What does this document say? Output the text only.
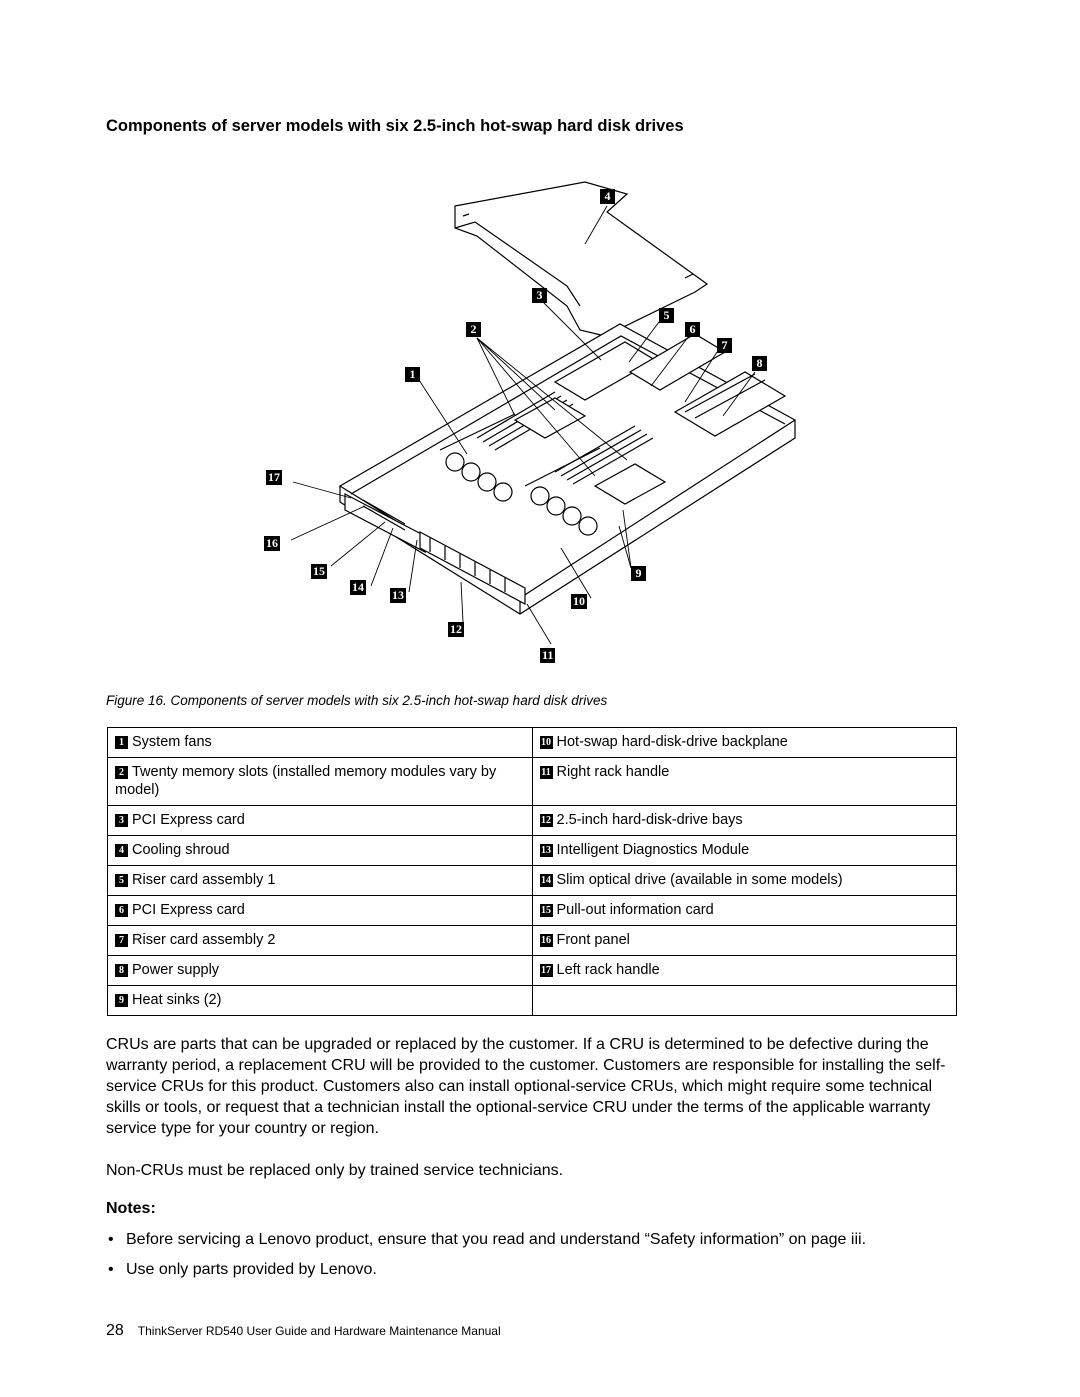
Components of server models with six 2.5-inch hot-swap hard disk drives
4
3
5
6
2
7
8
1
17
16
15	9
14
13	10
12
11
Figure 16. Components of server models with six 2.5-inch hot-swap hard disk drives
1 System fans	10 Hot-swap hard-disk-drive backplane
2 Twenty memory slots (installed memory modules vary by model)	11 Right rack handle
3 PCI Express card	12 2.5-inch hard-disk-drive bays
4 Cooling shroud	13 Intelligent Diagnostics Module
5 Riser card assembly 1	14 Slim optical drive (available in some models)
6 PCI Express card	15 Pull-out information card
7 Riser card assembly 2	16 Front panel
8 Power supply	17 Left rack handle
9 Heat sinks (2)	
CRUs are parts that can be upgraded or replaced by the customer. If a CRU is determined to be defective during the warranty period, a replacement CRU will be provided to the customer. Customers are responsible for installing the self-service CRUs for this product. Customers also can install optional-service CRUs, which might require some technical skills or tools, or request that a technician install the optional-service CRU under the terms of the applicable warranty service type for your country or region.
Non-CRUs must be replaced only by trained service technicians.
Notes:
• Before servicing a Lenovo product, ensure that you read and understand “Safety information” on page iii.
• Use only parts provided by Lenovo.
28 ThinkServer RD540 User Guide and Hardware Maintenance Manual
